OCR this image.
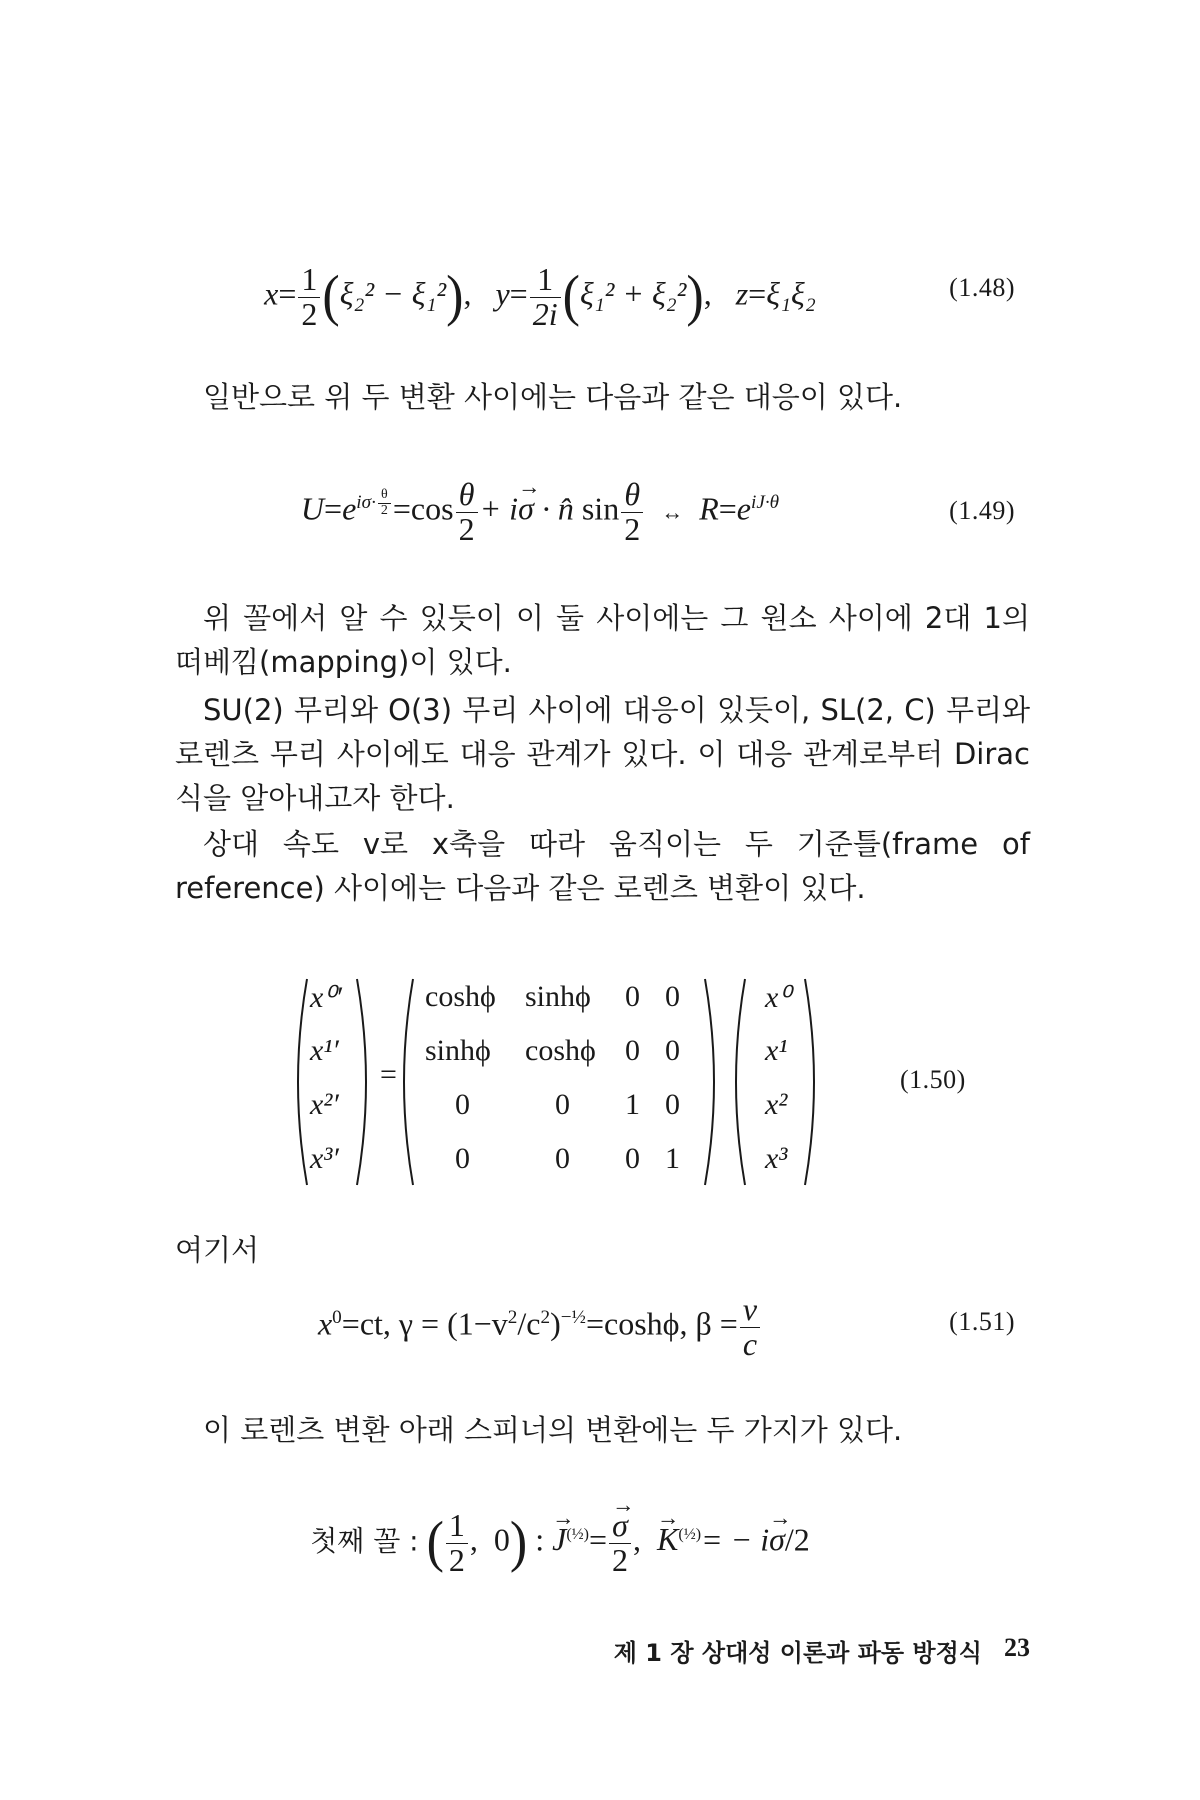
$x= \frac{1}{2} (\xi_2^2 - \xi_1^2)$,   $y= \frac{1}{2i} (\xi_1^2 + \xi_2^2)$,   z=ξ₁ξ₂	(1.48)
일반으로 위 두 변환 사이에는 다음과 같은 대응이 있다.
$U=e^{i\sigma\cdot \frac{\theta}{2}} =\cos \frac{\theta}{2} + i\to \sigma$ · n̂ $\sin \frac{\theta}{2}$ ↔ $R=e^{iJ\cdot\theta}$	(1.49)
위 꼴에서 알 수 있듯이 이 둘 사이에는 그 원소 사이에 2대 1의 떠베낌(mapping)이 있다.
SU(2) 무리와 O(3) 무리 사이에 대응이 있듯이, SL(2, C) 무리와 로렌츠 무리 사이에도 대응 관계가 있다. 이 대응 관계로부터 Dirac 식을 알아내고자 한다.
상대 속도 v로 x축을 따라 움직이는 두 기준틀(frame of reference) 사이에는 다음과 같은 로렌츠 변환이 있다.
x⁰′
x¹′
x²′
x³′
=
coshϕ sinhϕ 0 0
sinhϕ coshϕ 0 0
0	0 1 0
0	0 0 1
x⁰
x¹
x²
x³
(1.50)
여기서
$x^0=ct$, $\gamma = (1-v^2/c^2)^{-\frac{1}{2}}=\cosh\phi$, $\beta = \frac{v}{c}$	(1.51)
이 로렌츠 변환 아래 스피너의 변환에는 두 가지가 있다.
첫째 꼴 : ( $\frac{1}{2}$ ,  0) : → $J^{(\frac{1}{2})}=$
→ $\frac{\sigma}{2}$ ,  → $K^{(\frac{1}{2})}= - i\to \sigma/2$
제 1 장 상대성 이론과 파동 방정식 23
